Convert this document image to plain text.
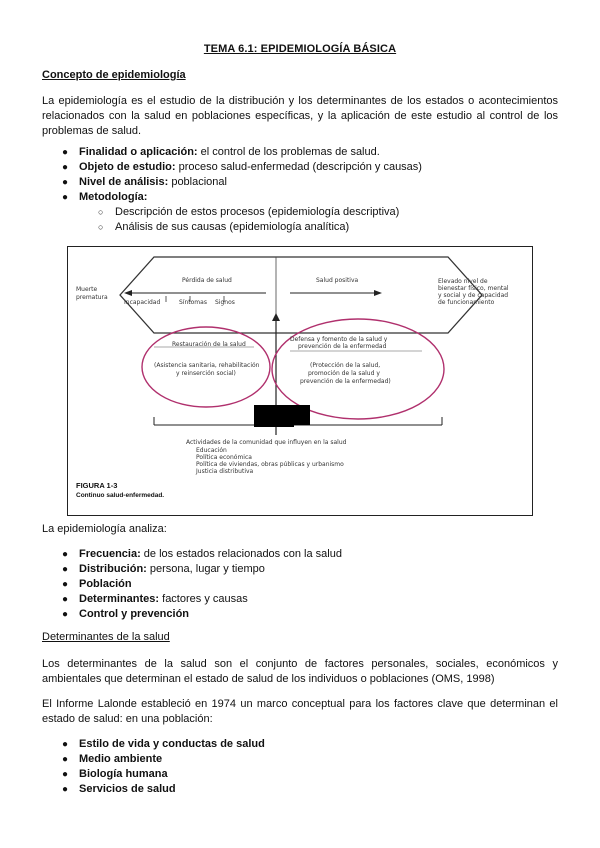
TEMA 6.1: EPIDEMIOLOGÍA BÁSICA
Concepto de epidemiología
La epidemiología es el estudio de la distribución y los determinantes de los estados o acontecimientos relacionados con la salud en poblaciones específicas, y la aplicación de este estudio al control de los problemas de salud.
● Finalidad o aplicación: el control de los problemas de salud.
● Objeto de estudio: proceso salud-enfermedad (descripción y causas)
● Nivel de análisis: poblacional
● Metodología:
○ Descripción de estos procesos (epidemiología descriptiva)
○ Análisis de sus causas (epidemiología analítica)
Muerte
prematura
Pérdida de salud	Salud positiva
Incapacidad	Síntomas Signos
Elevado nivel de
bienestar físico, mental
y social y de capacidad
de funcionamiento
Restauración de la salud
(Asistencia sanitaria, rehabilitación
y reinserción social)
Defensa y fomento de la salud y
prevención de la enfermedad
(Protección de la salud,
promoción de la salud y
prevención de la enfermedad)
Actividades de la comunidad que influyen en la salud
Educación
Política económica
Política de viviendas, obras públicas y urbanismo
Justicia distributiva
FIGURA 1-3
Continuo salud-enfermedad.
La epidemiología analiza:
● Frecuencia: de los estados relacionados con la salud
● Distribución: persona, lugar y tiempo
● Población
● Determinantes: factores y causas
● Control y prevención
Determinantes de la salud
Los determinantes de la salud son el conjunto de factores personales, sociales, económicos y ambientales que determinan el estado de salud de los individuos o poblaciones (OMS, 1998)
El Informe Lalonde estableció en 1974 un marco conceptual para los factores clave que determinan el estado de salud: en una población:
● Estilo de vida y conductas de salud
● Medio ambiente
● Biología humana
● Servicios de salud
